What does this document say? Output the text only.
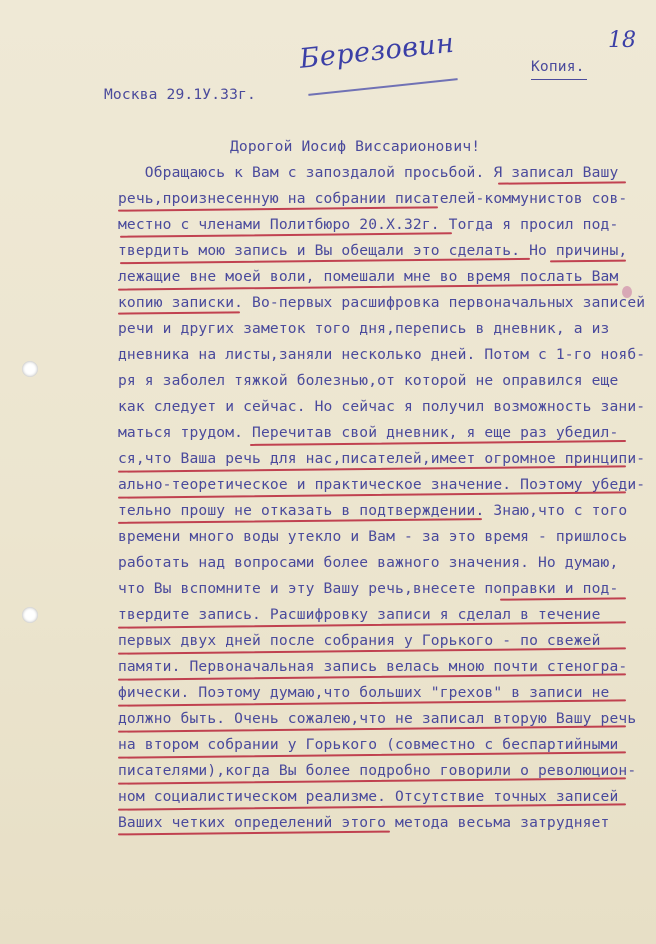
18
Березовин	Копия.
Москва 29.1У.33г.
Дорогой Иосиф Виссарионович!
Обращаюсь к Вам с запоздалой просьбой. Я записал Вашу
речь,произнесенную на собрании писателей-коммунистов сов-
местно с членами Политбюро 20.Х.32г. Тогда я просил под-
твердить мою запись и Вы обещали это сделать. Но причины,
лежащие вне моей воли, помешали мне во время послать Вам
копию записки. Во-первых расшифровка первоначальных записей
речи и других заметок того дня,перепись в дневник, а из
дневника на листы,заняли несколько дней. Потом с 1-го нояб-
ря я заболел тяжкой болезнью,от которой не оправился еще
как следует и сейчас. Но сейчас я получил возможность зани-
маться трудом. Перечитав свой дневник, я еще раз убедил-
ся,что Ваша речь для нас,писателей,имеет огромное принципи-
ально-теоретическое и практическое значение. Поэтому убеди-
тельно прошу не отказать в подтверждении. Знаю,что с того
времени много воды утекло и Вам - за это время - пришлось
работать над вопросами более важного значения. Но думаю,
что Вы вспомните и эту Вашу речь,внесете поправки и под-
твердите запись. Расшифровку записи я сделал в течение
первых двух дней после собрания у Горького - по свежей
памяти. Первоначальная запись велась мною почти стеногра-
фически. Поэтому думаю,что больших "грехов" в записи не
должно быть. Очень сожалею,что не записал вторую Вашу речь
на втором собрании у Горького (совместно с беспартийными
писателями),когда Вы более подробно говорили о революцион-
ном социалистическом реализме. Отсутствие точных записей
Ваших четких определений этого метода весьма затрудняет
